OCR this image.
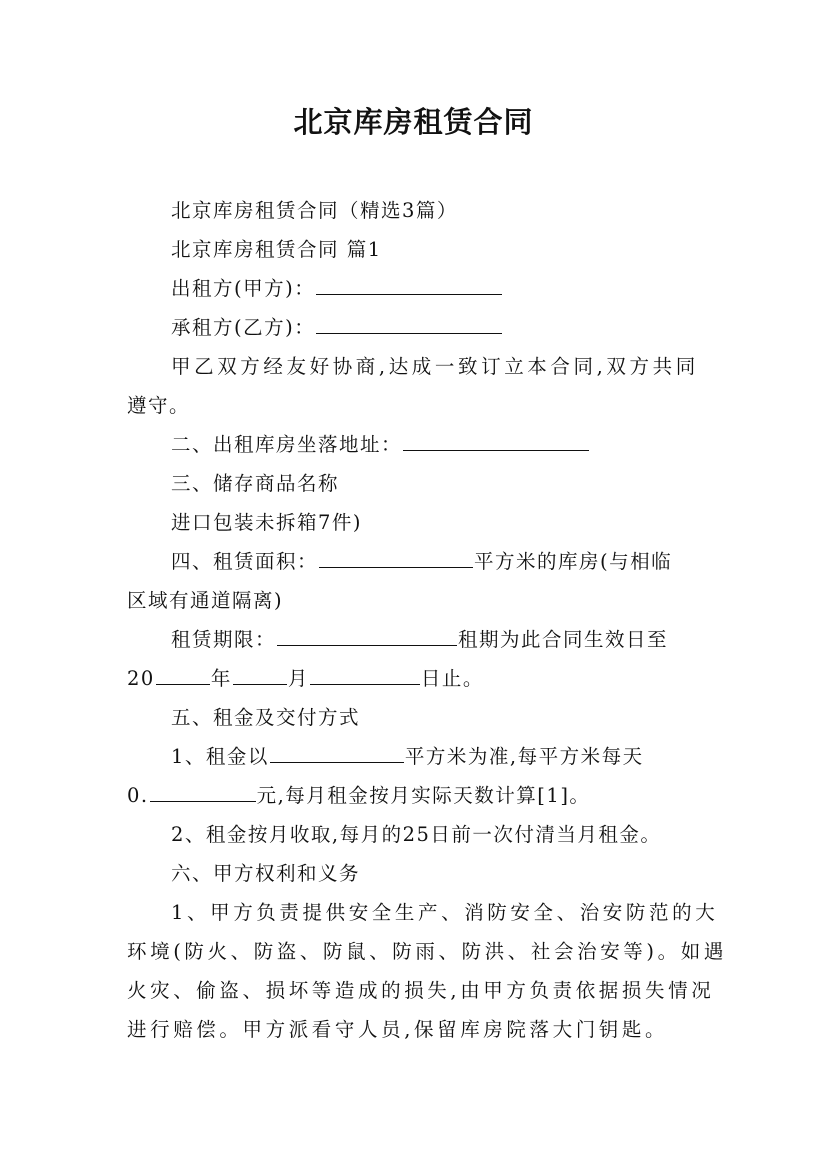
北京库房租赁合同
北京库房租赁合同（精选3篇）
北京库房租赁合同 篇1
出租方(甲方)：
承租方(乙方)：
甲乙双方经友好协商,达成一致订立本合同,双方共同
遵守。
二、出租库房坐落地址：
三、储存商品名称
进口包装未拆箱7件)
四、租赁面积：	平方米的库房(与相临
区域有通道隔离)
租赁期限：	租期为此合同生效日至
20	年	月	日止。
五、租金及交付方式
1、租金以	平方米为准,每平方米每天
0.	元,每月租金按月实际天数计算[1]。
2、租金按月收取,每月的25日前一次付清当月租金。
六、甲方权利和义务
1、甲方负责提供安全生产、消防安全、治安防范的大
环境(防火、防盗、防鼠、防雨、防洪、社会治安等)。如遇
火灾、偷盗、损坏等造成的损失,由甲方负责依据损失情况
进行赔偿。甲方派看守人员,保留库房院落大门钥匙。
